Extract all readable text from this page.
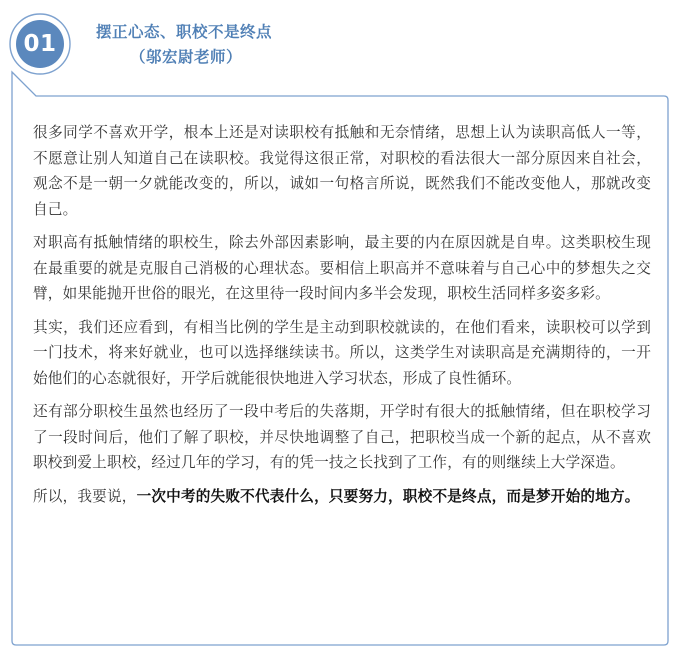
01	摆正心态、职校不是终点
（邬宏尉老师）

很多同学不喜欢开学，根本上还是对读职校有抵触和无奈情绪，思想上认为读职高低人一等，不愿意让别人知道自己在读职校。我觉得这很正常，对职校的看法很大一部分原因来自社会，观念不是一朝一夕就能改变的，所以，诚如一句格言所说，既然我们不能改变他人，那就改变自己。

对职高有抵触情绪的职校生，除去外部因素影响，最主要的内在原因就是自卑。这类职校生现在最重要的就是克服自己消极的心理状态。要相信上职高并不意味着与自己心中的梦想失之交臂，如果能抛开世俗的眼光，在这里待一段时间内多半会发现，职校生活同样多姿多彩。

其实，我们还应看到，有相当比例的学生是主动到职校就读的，在他们看来，读职校可以学到一门技术，将来好就业，也可以选择继续读书。所以，这类学生对读职高是充满期待的，一开始他们的心态就很好，开学后就能很快地进入学习状态，形成了良性循环。

还有部分职校生虽然也经历了一段中考后的失落期，开学时有很大的抵触情绪，但在职校学习了一段时间后，他们了解了职校，并尽快地调整了自己，把职校当成一个新的起点，从不喜欢职校到爱上职校，经过几年的学习，有的凭一技之长找到了工作，有的则继续上大学深造。

所以，我要说，一次中考的失败不代表什么，只要努力，职校不是终点，而是梦开始的地方。
